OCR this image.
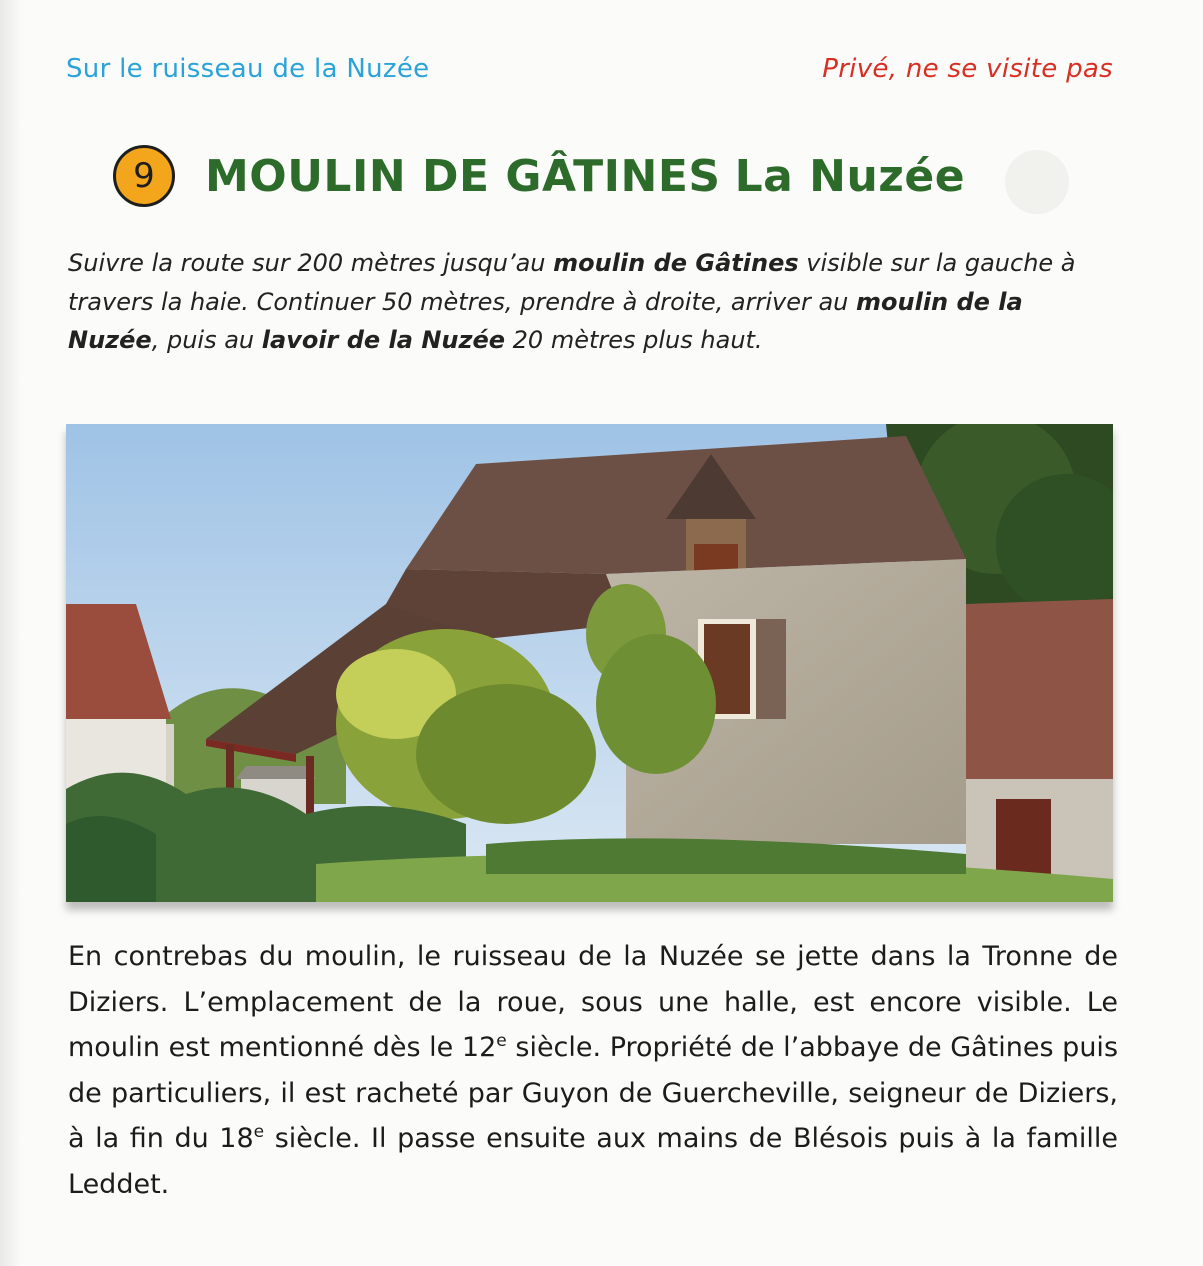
Sur le ruisseau de la Nuzée	Privé, ne se visite pas
9	MOULIN DE GÂTINES La Nuzée
Suivre la route sur 200 mètres jusqu’au moulin de Gâtines visible sur la gauche à travers la haie. Continuer 50 mètres, prendre à droite, arriver au moulin de la Nuzée, puis au lavoir de la Nuzée 20 mètres plus haut.
En contrebas du moulin, le ruisseau de la Nuzée se jette dans la Tronne de Diziers. L’emplacement de la roue, sous une halle, est encore visible. Le moulin est mentionné dès le 12e siècle. Propriété de l’abbaye de Gâtines puis de particuliers, il est racheté par Guyon de Guercheville, seigneur de Diziers, à la fin du 18e siècle. Il passe ensuite aux mains de Blésois puis à la famille Leddet.
